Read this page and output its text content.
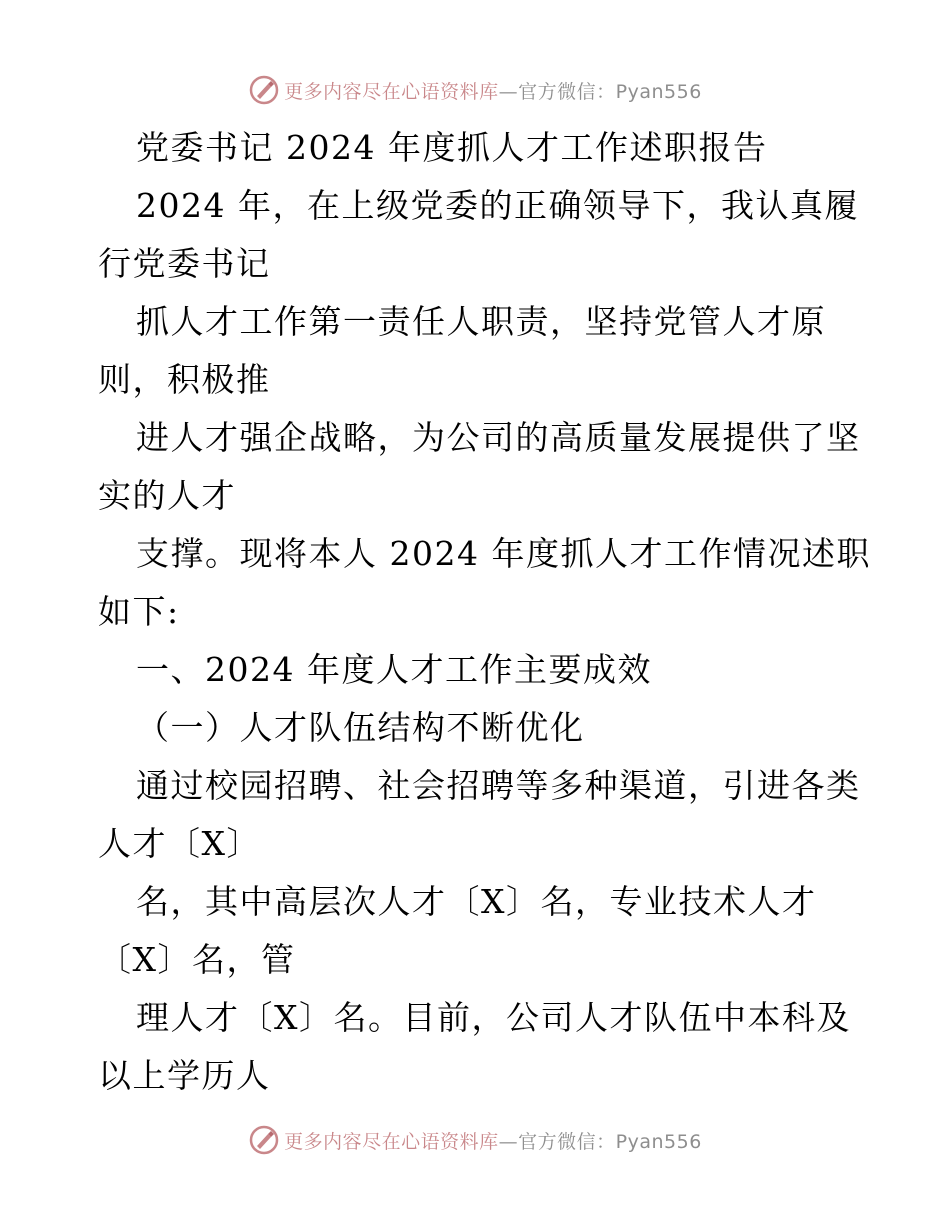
更多内容尽在心语资料库—官方微信：Pyan556
党委书记 2024 年度抓人才工作述职报告
2024 年，在上级党委的正确领导下，我认真履
行党委书记
抓人才工作第一责任人职责，坚持党管人才原
则，积极推
进人才强企战略，为公司的高质量发展提供了坚
实的人才
支撑。现将本人 2024 年度抓人才工作情况述职
如下:
一、2024 年度人才工作主要成效
（一）人才队伍结构不断优化
通过校园招聘、社会招聘等多种渠道，引进各类
人才〔X〕
名，其中高层次人才〔X〕名，专业技术人才
〔X〕名，管
理人才〔X〕名。目前，公司人才队伍中本科及
以上学历人
更多内容尽在心语资料库—官方微信：Pyan556
